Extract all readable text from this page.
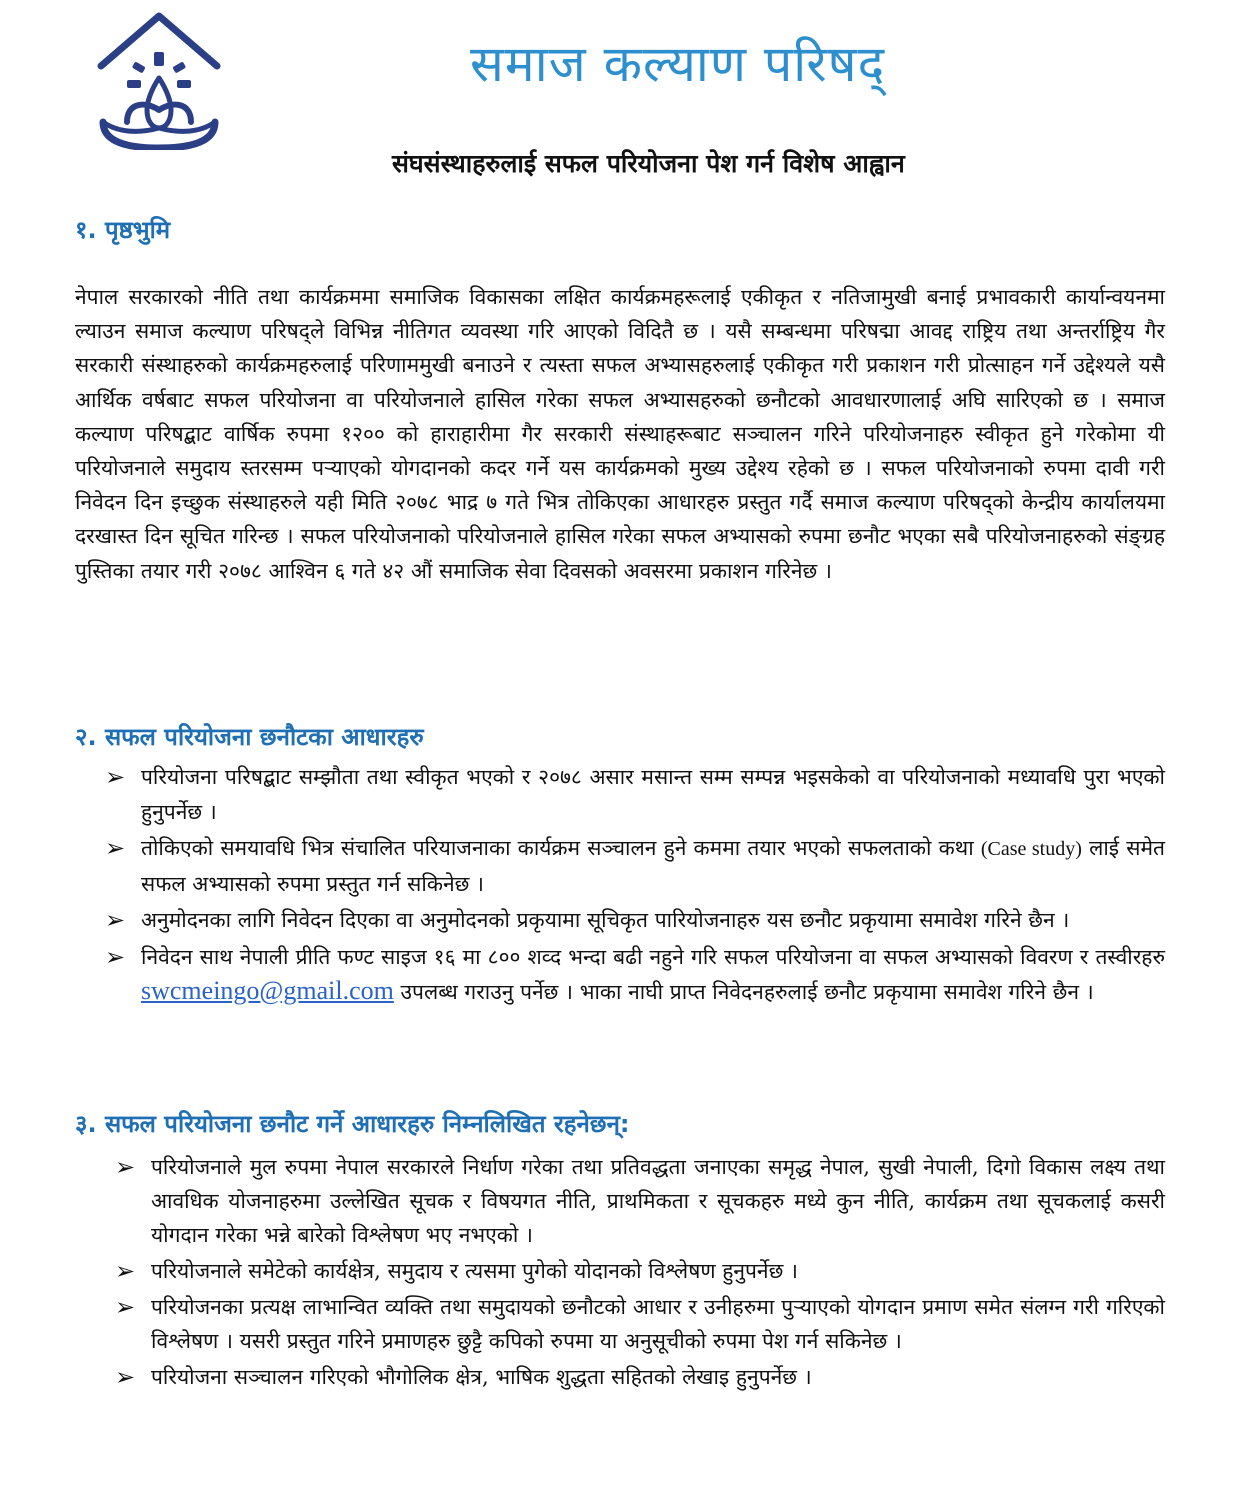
समाज कल्याण परिषद्
संघसंस्थाहरुलाई सफल परियोजना पेश गर्न विशेष आह्वान
१. पृष्ठभुमि

नेपाल सरकारको नीति तथा कार्यक्रममा समाजिक विकासका लक्षित कार्यक्रमहरूलाई एकीकृत र नतिजामुखी बनाई प्रभावकारी कार्यान्वयनमा ल्याउन समाज कल्याण परिषद्ले विभिन्न नीतिगत व्यवस्था गरि आएको विदितै छ । यसै सम्बन्धमा परिषद्मा आवद्द राष्ट्रिय तथा अन्तर्राष्ट्रिय गैर सरकारी संस्थाहरुको कार्यक्रमहरुलाई परिणाममुखी बनाउने र त्यस्ता सफल अभ्यासहरुलाई एकीकृत गरी प्रकाशन गरी प्रोत्साहन गर्ने उद्देश्यले यसै आर्थिक वर्षबाट सफल परियोजना वा परियोजनाले हासिल गरेका सफल अभ्यासहरुको छनौटको आवधारणालाई अघि सारिएको छ । समाज कल्याण परिषद्बाट वार्षिक रुपमा १२०० को हाराहारीमा गैर सरकारी संस्थाहरूबाट सञ्चालन गरिने परियोजनाहरु स्वीकृत हुने गरेकोमा यी परियोजनाले समुदाय स्तरसम्म पर्‍याएको योगदानको कदर गर्ने यस कार्यक्रमको मुख्य उद्देश्य रहेको छ । सफल परियोजनाको रुपमा दावी गरी निवेदन दिन इच्छुक संस्थाहरुले यही मिति २०७८ भाद्र ७ गते भित्र तोकिएका आधारहरु प्रस्तुत गर्दै समाज कल्याण परिषद्को केन्द्रीय कार्यालयमा दरखास्त दिन सूचित गरिन्छ । सफल परियोजनाको परियोजनाले हासिल गरेका सफल अभ्यासको रुपमा छनौट भएका सबै परियोजनाहरुको संङ्ग्रह पुस्तिका तयार गरी २०७८ आश्विन ६ गते ४२ औं समाजिक सेवा दिवसको अवसरमा प्रकाशन गरिनेछ ।

२. सफल परियोजना छनौटका आधारहरु
➢ परियोजना परिषद्बाट सम्झौता तथा स्वीकृत भएको र २०७८ असार मसान्त सम्म सम्पन्न भइसकेको वा परियोजनाको मध्यावधि पुरा भएको हुनुपर्नेछ ।
➢ तोकिएको समयावधि भित्र संचालित परियाजनाका कार्यक्रम सञ्चालन हुने कममा तयार भएको सफलताको कथा (Case study) लाई समेत सफल अभ्यासको रुपमा प्रस्तुत गर्न सकिनेछ ।
➢ अनुमोदनका लागि निवेदन दिएका वा अनुमोदनको प्रकृयामा सूचिकृत पारियोजनाहरु यस छनौट प्रकृयामा समावेश गरिने छैन ।
➢ निवेदन साथ नेपाली प्रीति फण्ट साइज १६ मा ८०० शव्द भन्दा बढी नहुने गरि सफल परियोजना वा सफल अभ्यासको विवरण र तस्वीरहरु swcmeingo@gmail.com उपलब्ध गराउनु पर्नेछ । भाका नाघी प्राप्त निवेदनहरुलाई छनौट प्रकृयामा समावेश गरिने छैन ।
३. सफल परियोजना छनौट गर्ने आधारहरु निम्नलिखित रहनेछन्:
➢ परियोजनाले मुल रुपमा नेपाल सरकारले निर्धाण गरेका तथा प्रतिवद्धता जनाएका समृद्ध नेपाल, सुखी नेपाली, दिगो विकास लक्ष्य तथा आवधिक योजनाहरुमा उल्लेखित सूचक र विषयगत नीति, प्राथमिकता र सूचकहरु मध्ये कुन नीति, कार्यक्रम तथा सूचकलाई कसरी योगदान गरेका भन्ने बारेको विश्लेषण भए नभएको ।
➢ परियोजनाले समेटेको कार्यक्षेत्र, समुदाय र त्यसमा पुगेको योदानको विश्लेषण हुनुपर्नेछ ।
➢ परियोजनका प्रत्यक्ष लाभान्वित व्यक्ति तथा समुदायको छनौटको आधार र उनीहरुमा पुऱ्याएको योगदान प्रमाण समेत संलग्न गरी गरिएको विश्लेषण । यसरी प्रस्तुत गरिने प्रमाणहरु छुट्टै कपिको रुपमा या अनुसूचीको रुपमा पेश गर्न सकिनेछ ।
➢ परियोजना सञ्चालन गरिएको भौगोलिक क्षेत्र, भाषिक शुद्धता सहितको लेखाइ हुनुपर्नेछ ।
